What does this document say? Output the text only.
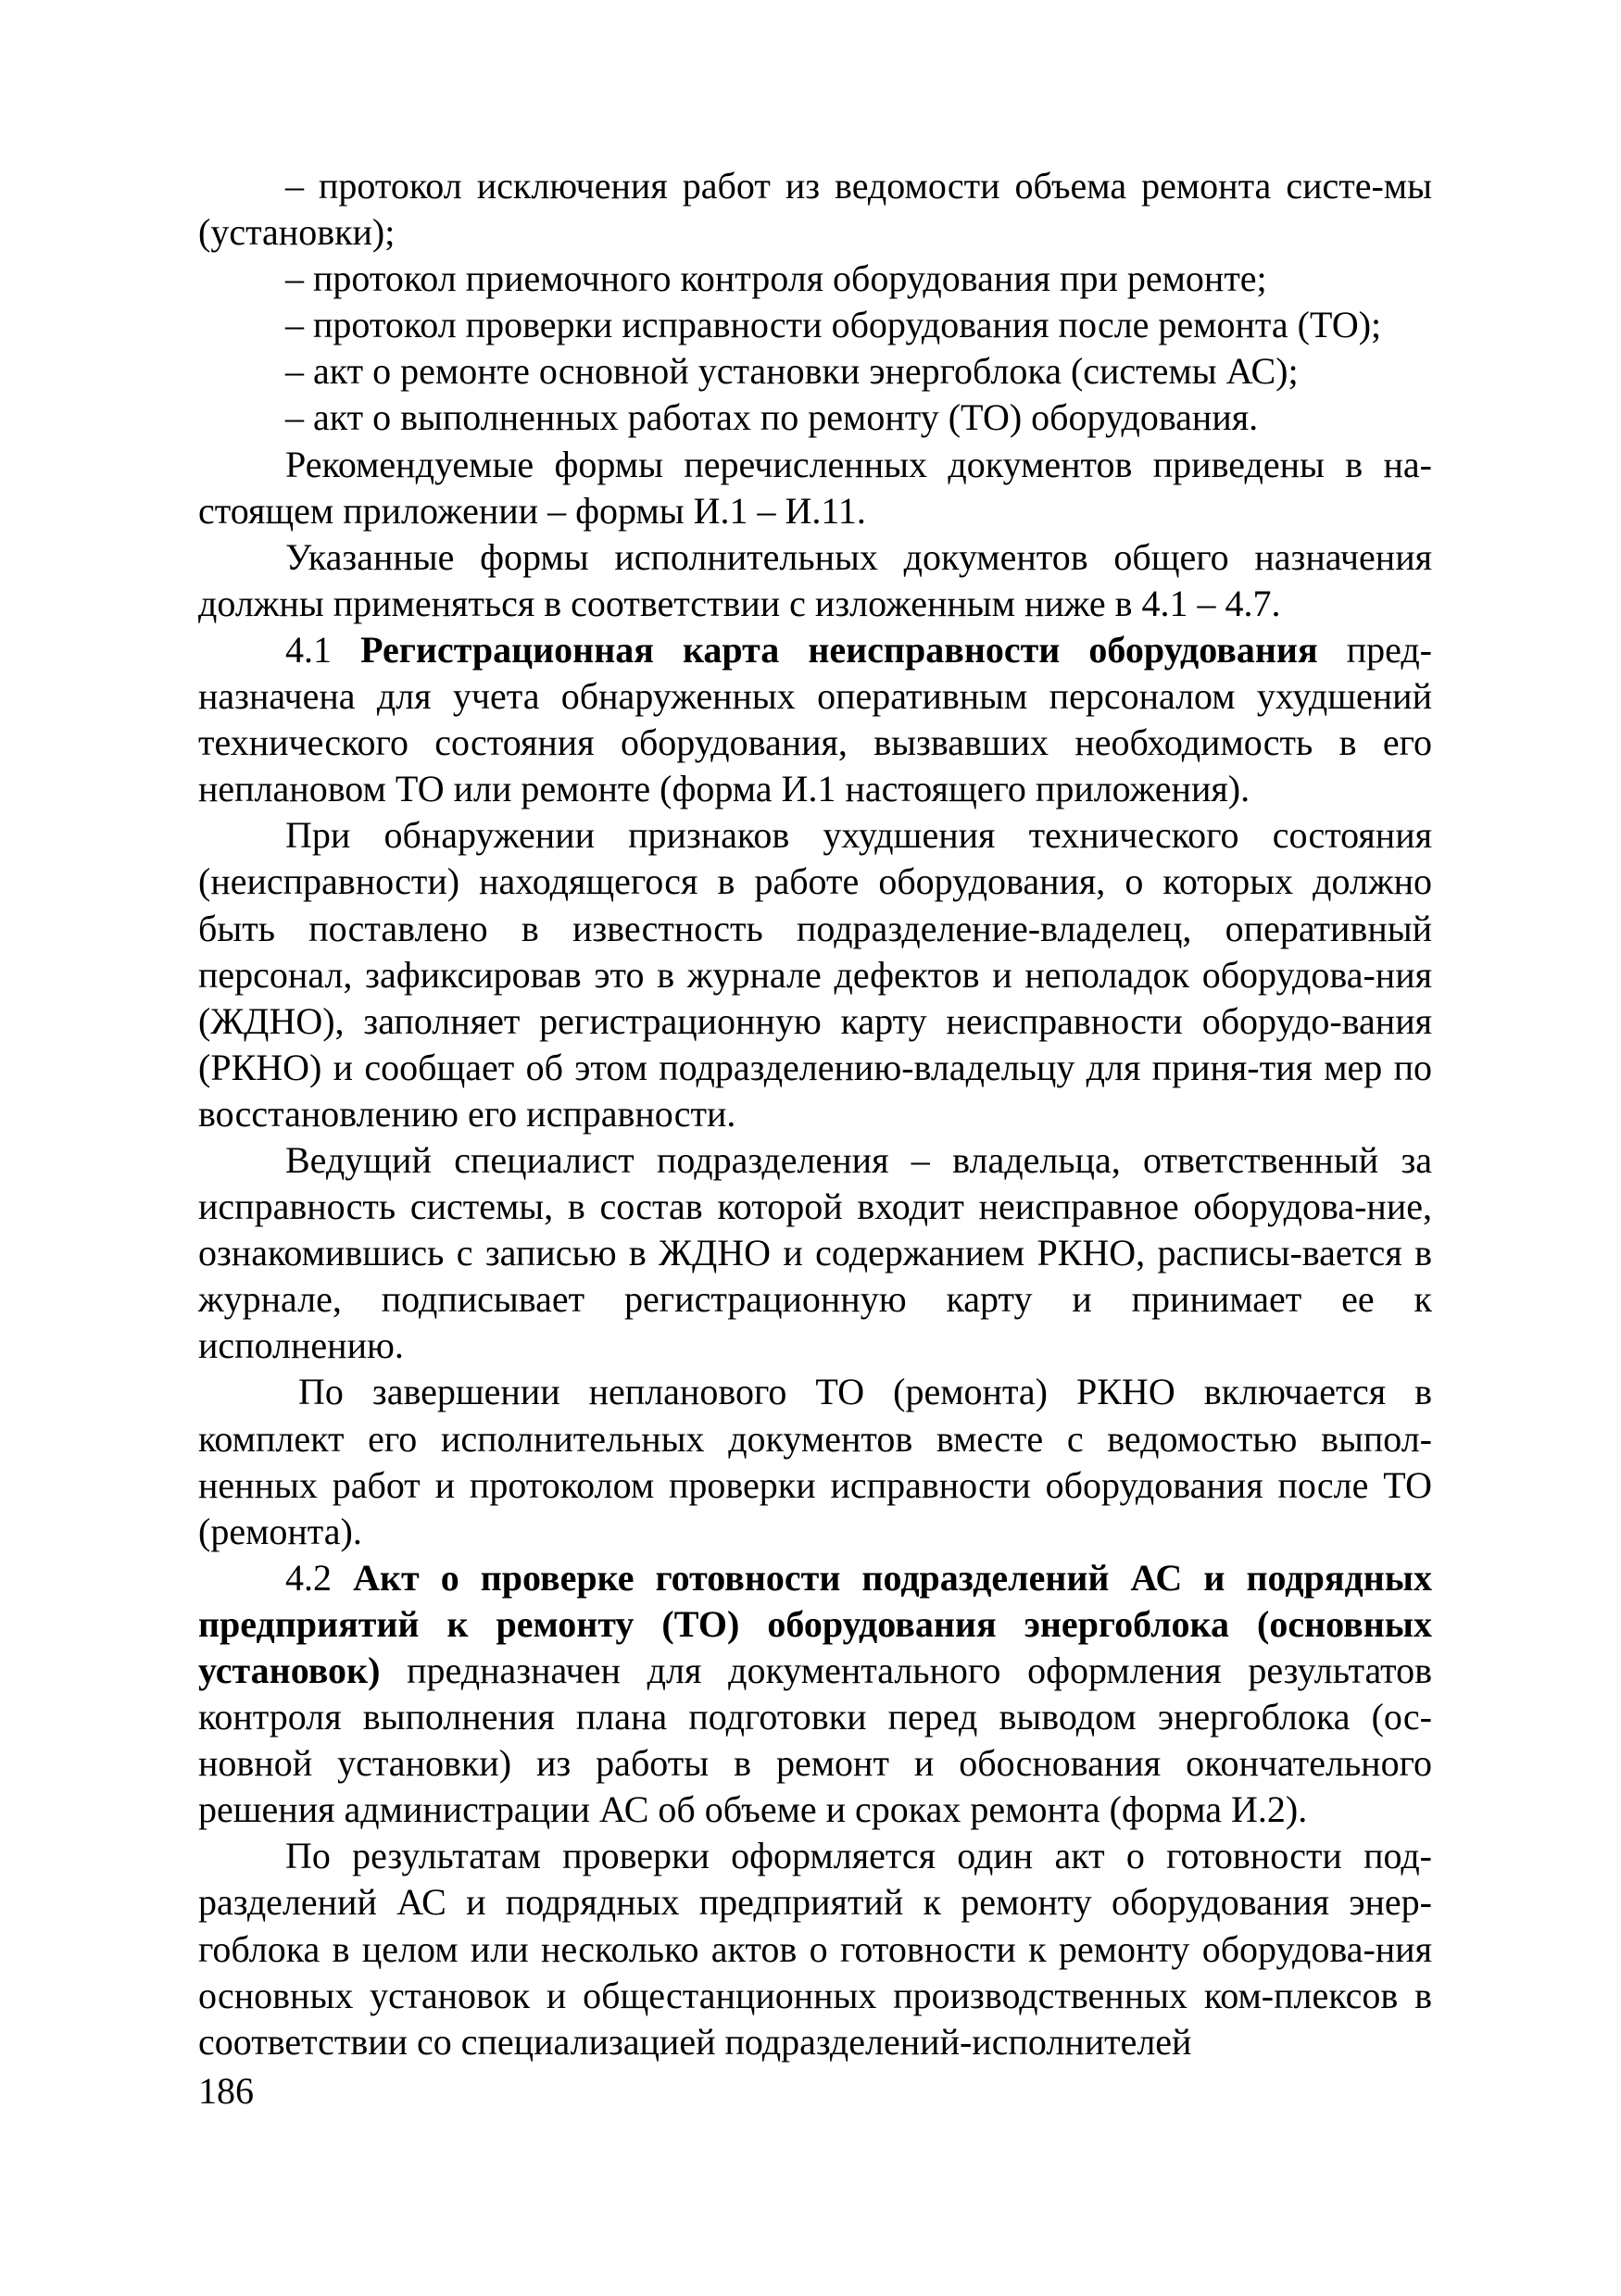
– протокол исключения работ из ведомости объема ремонта систе-мы (установки);

– протокол приемочного контроля оборудования при ремонте;

– протокол проверки исправности оборудования после ремонта (ТО);

– акт о ремонте основной установки энергоблока (системы АС);

– акт о выполненных работах по ремонту (ТО) оборудования.

Рекомендуемые формы перечисленных документов приведены в на-стоящем приложении – формы И.1 – И.11.

Указанные формы исполнительных документов общего назначения должны применяться в соответствии с изложенным ниже в 4.1 – 4.7.

4.1 Регистрационная карта неисправности оборудования пред-назначена для учета обнаруженных оперативным персоналом ухудшений технического состояния оборудования, вызвавших необходимость в его неплановом ТО или ремонте (форма И.1 настоящего приложения).

При обнаружении признаков ухудшения технического состояния (неисправности) находящегося в работе оборудования, о которых должно быть поставлено в известность подразделение-владелец, оперативный персонал, зафиксировав это в журнале дефектов и неполадок оборудова-ния (ЖДНО), заполняет регистрационную карту неисправности оборудо-вания (РКНО) и сообщает об этом подразделению-владельцу для приня-тия мер по восстановлению его исправности.

Ведущий специалист подразделения – владельца, ответственный за исправность системы, в состав которой входит неисправное оборудова-ние, ознакомившись с записью в ЖДНО и содержанием РКНО, расписы-вается в журнале, подписывает регистрационную карту и принимает ее к исполнению.

По завершении непланового ТО (ремонта) РКНО включается в комплект его исполнительных документов вместе с ведомостью выпол-ненных работ и протоколом проверки исправности оборудования после ТО (ремонта).

4.2 Акт о проверке готовности подразделений АС и подрядных предприятий к ремонту (ТО) оборудования энергоблока (основных установок) предназначен для документального оформления результатов контроля выполнения плана подготовки перед выводом энергоблока (ос-новной установки) из работы в ремонт и обоснования окончательного решения администрации АС об объеме и сроках ремонта (форма И.2).

По результатам проверки оформляется один акт о готовности под-разделений АС и подрядных предприятий к ремонту оборудования энер-гоблока в целом или несколько актов о готовности к ремонту оборудова-ния основных установок и общестанционных производственных ком-плексов в соответствии со специализацией подразделений-исполнителей

186
